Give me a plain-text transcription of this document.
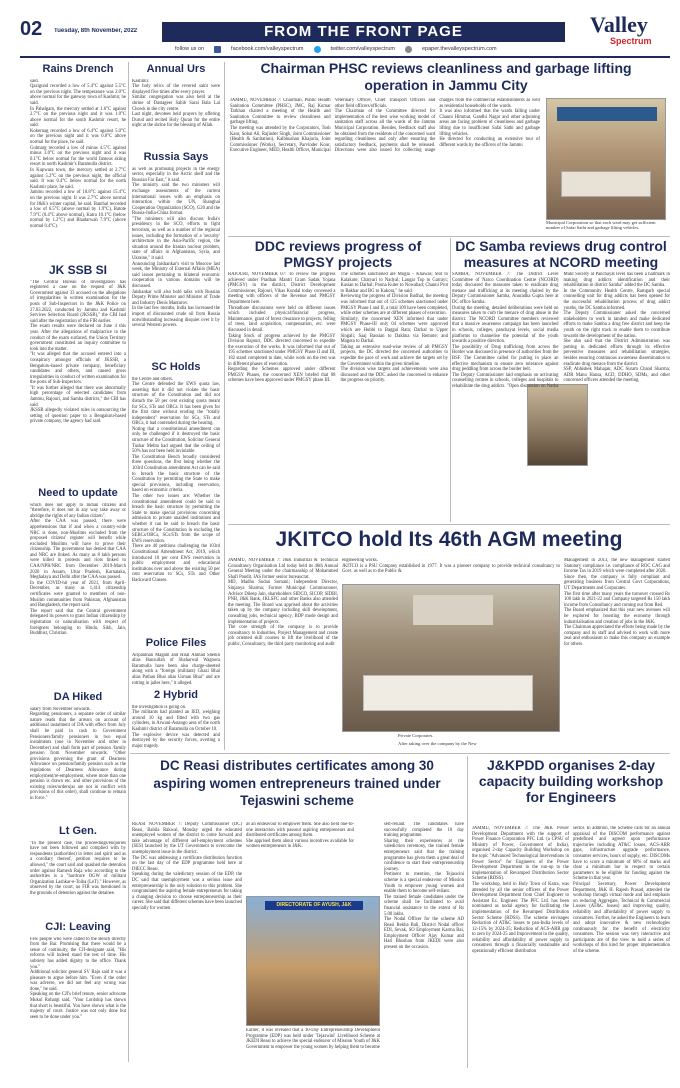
02 Tuesday, 8th November, 2022	FROM THE FRONT PAGE
follow us on	facebook.com/valleyspectrum	twitter.com/valleyspectrum	epaper.thevalleyspectrum.com
Valley
Spectrum
Rains Drench
said.
Qazigund recorded a low of 5.4°C against 5.5°C on the previous night. The temperature was 2.0°C above normal for the gateway town of Kashmir, he said.
In Pahalgam, the mercury settled at 1.6°C against 2.7°C on the previous night and it was 1.0°C above normal for the south Kashmir resort, he said.
Kokernag recorded a low of 6.4°C against 5.0°C on the previous night and it was 0.8°C above normal for the place, he said.
Gulmarg recorded a low of minus 4.5°C against minus 3.0°C on the previous night and it was 0.1°C below normal for the world famous skiing resort in north Kashmir's Baramulla district.
In Kupwara town, the mercury settled at 2.7°C against 5.2°C on the previous night, the official said. It was 0.4°C below normal for the north Kashmir place, he said.
Jammu recorded a low of 18.8°C against 15.4°C on the previous night. It was 2.7°C above normal for J&K's winter capital, he said. Banihal recorded a low of 6.5°C (above normal by 1.9°C), Batote 7.9°C (0.4°C above normal), Katra 10.1°C (below normal by 1.2°C) and Bhadarwah 7.9°C (above normal 0.4°C).
JK SSB SI
"The Central Bureau of Investigation has registered a case on the request of J&K Government against 33 accused on the allegations of irregularities in written examination for the posts of Sub-Inspectors in the J&K Police on 27.03.2022, conducted by Jammu and Kashmir Services Selection Board (JKSSB)," the CBI had said after the registration of the FIR earlier.
The exam results were declared on June 4 this year. After the allegations of malpractice in the conduct of the exam surfaced, the Union Territory government constituted an inquiry committee to look into the matter.
"It was alleged that the accused entered into a conspiracy amongst officials of JKSSB, a Bengaluru-based private company, beneficiary candidates and others, and caused gross irregularities in conduct of written examination for the posts of Sub-Inspectors.
"It was further alleged that there was abnormally high percentage of selected candidates from Jammu, Rajouri, and Samba districts," the CBI has said.
JKSSB allegedly violated rules in outsourcing the setting of question paper to a Bengaluru-based private company, the agency had said.
Need to update
which does not apply to Indian citizens and "therefore, it does not in any way take away or abridge the rights of any Indian citizen".
After the CAA was passed, there were apprehensions that if and when a country-wide NRC is done, non-Muslims excluded from the proposed citizens' register will benefit while excluded Muslims will have to prove their citizenship. The government has denied that CAA and NRC are linked. As many as 8 lakh persons were killed in protests and riots linked to CAA/NPR/NRC from December 2019-March 2020 in Assam, Uttar Pradesh, Karnataka, Meghalaya and Delhi after the CAA was passed.
In the COVID-hit year of 2021, from April-December, as many as 1,414 citizenship certificates were granted to members of non-Muslim communities from Pakistan, Afghanistan and Bangladesh, the report said.
The report said that the Central government delegated its powers to grant Indian citizenship by registration or naturalisation with respect of foreigners belonging to Hindu, Sikh, Jain, Buddhist, Christian.
DA Hiked
salary from November onwards.
Regarding pensioners, a separate order of similar nature reads that the arrears on account of additional instalment of DA with effect from July shall be paid in cash to Government Pensioners/family pensioners in two equal instalments (one in November and other in December) and shall form part of pension /family pension from November onwards. "Other provisions governing the grant of Dearness Allowance on pension/family pension such as the regulations of Dearness Allowance during employment/re-employment, where more than one pension is drawn etc. and other provisions of the existing rules/orders(as are not in conflict with provisions of this order), shall continue to remain in force."
Lt Gen.
"In the present case, the proceedings/enquiries have not been followed and complied with by respondents (authorities) in letter and spirit and as a corollary thereof, petition requires to be allowed," the court said and quashed the detention order against Ramesh Raja who according to the authorities is a "hardcore OGW of militant Organization Lashkar-e-Toiba (LeT)." However, as observed by the court, no FIR was mentioned in the grounds of detention against the detainee.
CJI: Leaving
Few people who were called to the Bench directly from the Bar. Promising that there would be a sense of continuity, the CJI-designate said, "His reforms will indeed stand the test of time. His sobriety has added dignity to the office. Thank you."
Additional solicitor general SV Raju said it was a pleasure to argue before him. "Even if the order was adverse, we did not feel any wrong was done," he said.
Speaking on the CJI's brief tenure, senior advocate Mukul Rohatgi said, "Your Lordship has shown that short is beautiful. You have shown what is the majesty of court. Justice was not only done but seen to be done under you."
Annual Urs
Kashmir.
The holy relics of the revered saint were displayed five times after every prayer.
Similar congregation was also held at the shrine of Dastageer Sahib Sarai Bala Lal Chowk in the city centre.
Last night, devotees held prayers by offering Durud and recited Holy Quran for the entire night at the shrine for the blessing of Allah.
Russia Says
as well as promising projects in the energy sector, especially in the Arctic shelf and the Russian Far East," it said.
The ministry said the two ministers will exchange assessments of the current international issues with an emphasis on interaction within the UN, Shanghai Cooperation Organization (SCO), G20 and the Russia-India-China format.
"The ministers will also discuss India's presidency in the SCO, efforts to fight terrorism, as well as a number of the regional issues, including the formation of a 'security' architecture in the Asia-Pacific region, the situation around the Iranian nuclear problem, state of affairs in Afghanistan, Syria, and Ukraine," it said.
Announcing Jaishankar's visit to Moscow last week, the Ministry of External Affairs (MEA) said issues pertaining to bilateral economic cooperation in various domains will be discussed.
Jaishankar will also hold talks with Russian Deputy Prime Minister and Minister of Trade and Industry Denis Manturov.
In the last few months, India has increased the import of discounted crude oil from Russia notwithstanding increasing disquiet over it by several Western powers.
SC Holds
the Centre and others.
The Centre defended the EWS quota law, asserting that it did not violate the basic structure of the Constitution and did not disturb the 50 per cent existing quota meant for SCs, STs and OBCs. It has been given for the first time without eroding the "totally independent" reservation for SCs, STs and OBCs, it had contended during the hearing.
Noting that a constitutional amendment can only be challenged if it destroyed the basic structure of the Constitution, Solicitor General Tushar Mehta had argued that the ceiling of 50% has not been held inviolable.
The Constitution Bench broadly considered three questions, the first being whether the 103rd Constitution amendment Act can be said to breach the basic structure of the Constitution by permitting the State to make special provisions, including reservation, based on economic criteria.
The other two issues are: Whether the constitutional amendment could be said to breach the basic structure by permitting the State to make special provisions concerning admission to private unaided institutions and whether it can be said to breach the basic structure of the Constitution in excluding the SEBCs/OBCs, SCs/STs from the scope of EWS reservation.
There are 40 petitions challenging the 103rd Constitutional Amendment Act, 2019, which introduced 10 per cent EWS reservation in public employment and educational institutions over and above the existing 50 per cent reservation to SCs, STs and Other Backward Classes.
Police Files
Aripanthan Magam and Hilal Ahmad Sheikh alias Hanzullah of Shaharwal Wagoora Baramulla have been also charge-sheeted along with a "foreign (militant) Ghazi Bhai alias Pathan Bhai alias Usman Bhai" and are rotting in jailes here," it alleged.
2 Hybrid
the investigation is going on.
The militants had planted an IED, weighing around 10 kg and fitted with two gas cylinders, in Arwani-Astango area of the north Kashmir district of Baramulla on October 10.
The explosive device was detected and destroyed by the security forces, averting a major tragedy.
Chairman PHSC reviews cleanliness and garbage lifting operation in Jammu City
JAMMU, NOVEMBER 7: Chairman, Public Health Sanitation Committee (PHSC), JMC, Raj Kumar Tarkhan chaired a meeting of the Health and Sanitation Committee to review cleanliness and garbage lifting.
The meeting was attended by the Corporators, Tosh Kaur, Sobat Ali, Rajinder Singh, Joint Commissioner (Health & Sanitation), Kalbhushan Khajuria, Joint Commissioner (Works), Secretary, Parvinder Kour, Executive Engineer, MED, Health Officer, Municipal Veterinary Officer, Chief Transport Officers and other field officers/officials.
The Chairman of the Committee directed for implementation of the best wise working model of sanitation staff across all the wards of the Jammu Municipal Corporation. Besides, feedback staff also be obtained from the residents of the concerned ward regarding cleanliness and only after ensuring the satisfactory feedback, payments shall be released. Directions were also issued for collecting usage charges from the commercial establishments as well as residential households of the wards.
It was also informed that the wards falling under Channi Himmat, Gandhi Nagar and other adjoining areas are facing problem of cleanliness and garbage lifting due to insufficient Safai Sathi and garbage lifting vehicles.
He directed for conducting an extensive tour of different wards by the officers of the Jammu
Municipal Corporation so that each ward may get sufficient number of Safai Sathi and garbage lifting vehicles.
DDC reviews progress of PMGSY projects
RAJOURI, NOVEMBER 07: To review the progress achieved under Pradhan Mantri Gram Sadak Yojana (PMGSY) in the district, District Development Commissioner, Rajouri, Vikas Kundal today convened a meeting with officers of the Revenue and PMGSY Department here.
Threadbare discussions were held on different issues which included physical/financial progress, Maintenance, grant of forest clearance to projects, felling of trees, land acquisition, compensation, etc. were discussed in detail.
Taking Stock of progress achieved by the PMGSY Division Rajouri, DDC directed concerned to expedite the execution of the works. It was informed that out of 195 schemes sanctioned under PMGSY Phase II and III, 182 stand completed to date, while work on the rest was in different phases of execution.
Regarding the Schemes approved under different PMGSY Phases, the concerned XEN briefed that 08 schemes have been approved under PMGSY phase III.
The schemes sanctioned are Mogla – Khawas; Stot to Kalakote; Chatyari to Nadyal; Langar Top to Garrayi; Kasian to Darhal; Poona Kuter to Nowabad; Channi Prut to Bakhar and BG to Kakora," he said.
Reviewing the progress of Division Budhal, the meeting was informed that out of 125 schemes sanctioned under PMGSY Phase I and II, a total 109 have been completed, while other schemes are at different phases of execution.
Similarly, the concerned XEN informed that under PMGSY Phase-III only 04 schemes were approved which are Hubbi to Baggal Rata; Darhal to Upper Singali; Saaj Bassian to Dakhna via Remote; and Magota to Darhal.
Taking an extensive road-wise review of all PMGSY projects, the DC directed the concerned authorities to expedite the pace of work and achieve the targets set by the Government within the given timeline.
The division wise targets and achievements were also discussed and the DDC asked the concerned to enhance the progress on priority.
DC Samba reviews drug control measures at NCORD meeting
SAMBA, NOVEMBER 7: The District Level Committee of Narco Coordination Centre (NCORD) today discussed the measures taken to eradicate drug menace and trafficking at its meeting chaired by the Deputy Commissioner Samba, Anuradha Gupta here at DC office Samba.
During the meeting, detailed deliberations were held on measures taken to curb the menace of drug abuse in the district. The NCORD Committee members reviewed that a massive awareness campaign has been launched in schools, colleges, panchayat levels, social media platforms to channelise the potential of the youth towards a positive direction.
The possibility of Drug trafficking from across the Border was discussed in presence of authorities from the BSF. The Committee called for putting in place an effective mechanism to ensure zero tolerance against drug peddling from across the border belt.
The Deputy Commissioner laid emphasis on activating counselling centres in schools, colleges and hospitals to rehabilitate the drug addicts. "Open discussion on Nasha Mukt Society at Panchayat level has been a hallmark in making drug addicts identification and their rehabilitation in district Samba" added the DC Samba.
In the Community Health Centre, Ramgarh special counselling unit for drug addicts has been opened for the successful rehabilitation process of drug addict youths, the DC Samba informed.
The Deputy Commissioner asked the concerned stakeholders to work in tandem and make dedicated efforts to make Samba a drug free district and keep the youth on the right track to enable them to contribute towards the development of the nation.
She also said that the District Administration was putting in dedicated efforts through its effective preventive measures and rehabilitation strategies, besides ensuring continuous awareness dissemination to eradicate drug menace from the district.
SSP, Abhishek Mahajan; ADC Suram Chand Sharma; ADR Manu Hansa, ACD, DDHO, SDMs, and other concerned officers attended the meeting.
JKITCO hold Its 46th AGM meeting
JAMMU, NOVEMBER 7: J&K Industrial & Technical Consultancy Organisation Ltd today held its 46th Annual General Meeting under the chairmanship of Mohammed Shafi Pandit, IAS former senior bureaucrat.
MD, Madhu Sudan Somani; Independent Director, Sinjanya Sharma; Former Municipal Commissioner, Advisor Dileep Jain, shareholders SIDCO, SICOP, SIDBI, PNB, J&K Bank, JKLSFC and other Banks also attended the meeting. The Board was apprised about the activities taken up by the company including skill development, consulting jobs, technical agency, BDP mode design and implementation of projects.
The core strength of the company is to provide consultancy to industries, Project Management and create job oriented skill courses to lift the livelihood of the public, Consultancy, the third party monitoring and audit
engineering works.
JKITCO is a PSU Company established in 1977. It was a pioneer company to provide technical consultancy to Govt. as well as to the Public &
Private Corporates.
After taking over the company by the New
Management in 2013, the new management started Statutory compliance i.e. compliance of ROC CAG and Income Tax in 2019 which were completed after 2020.
Since then, the company is fully compliant and generating business from Central Govt Corporations, UT Departments and Corporates.
The first time after many years the turnover crossed Rs 100 lakh in 2021-22 and Company targeted Rs 150 lakh income from Consultancy and coming out from Red.
The Board emphasized that this year new avenues will be explored for boosting the economy through industrialisation and creation of jobs in the J&K.
The Chairman appreciated the efforts being made by the company and its staff and advised to work with more zeal and enthusiasm to make this company an example for others.
DC Reasi distributes certificates among 30 aspiring women entrepreneurs trained under Tejaswini scheme
REASI NOVEMBER 7: Deputy Commissioner (DC) Reasi, Babila Rakwal, Monday urged the educated unemployed women of the district to come forward and take advantage of different self-employment schemes (SES) launched by the UT Government to overcome the unemployment issue in the district.
The DC was addressing a certificate distribution function on the last day of the EDP programme held here at DIECC Reasi.
Speaking during the valedictory session of the EDP, the DC said that unemployment was a serious issue and entrepreneurship is the only solution to this problem. She congratulated the aspiring female entrepreneurs for taking a changing decision to choose entrepreneurship as their career. She said that different schemes have been launched specially for women
as an endeavour to empower them. She also held one-to-one interaction with passout aspiring entrepreneurs and distributed certificates among them.
She apprised them about various incentives available for women entrepreneurs in J&K.
DIRECTORATE OF AYUSH, J&K
Earlier, it was revealed that a 10-Day Entrepreneurship Development Programme (EDP) was held under 'Tejaswini' Livelihood Scheme at JKEDI Reasi to achieve the special endeavor of Mission Youth of J&K Government to empower the young women by helping them to become
self-reliant. The candidates have successfully completed the 10 day training programme.
Sharing their experiences at the valediction ceremony, the trained female entrepreneurs said that the training programme has given them a great deal of confidence to start their entrepreneurship journey.
Pertinent to mention, the Tejaswini scheme is a special endeavour of Mission Youth to empower young women and enable them to become self-reliant.
The trained female candidates under the scheme shall be facilitated to avail financial assistance to the extent of Rs 5.00 lakhs.
The Nodal Officer for the scheme AD Reasi Rekha Bali, District Nodal officer EDI, Sevak, SO Employment Karma Bai, Employment Officer Ajay Kumar and Hari Bhushan from JKEDI were also present on the occasion.
J&KPDD organises 2-day capacity building workshop for Engineers
JAMMU, NOVEMBER 7: The J&K Power Development Department with the support of Power Finance Corporation PFC Ltd. (a CPSU of Ministry of Power, Government of India), organised 2-day Capacity Building Workshop on the topic "Advanced Technological Interventions in Power Sector" for Engineers of the Power Development Department in the run-up to the implementation of Revamped Distribution Sector Scheme (RDSS).
The workshop, held in Holy Town of Katra, was attended by all the senior officers of the Power Development Department from Chief Engineer to Assistant Ex. Engineer. The PFC Ltd. has been nominated as nodal agency for facilitating the implementation of the Revamped Distribution Sector Scheme (RDSS). The scheme envisages Reduction of AT&C losses to pan-India levels of 12-15% by 2024-25; Reduction of ACS-ARR gap to zero by 2024-25 and Improvement in the quality, reliability and affordability of power supply to consumers through a financially sustainable and operationally efficient distribution
sector. In addition, the Scheme calls for an annual appraisal of the DISCOM performance against predefined and agreed upon performance trajectories including AT&C losses, ACS-ARR gaps, infrastructure upgrade performance, consumer services, hours of supply, etc. DISCOMs have to score a minimum of 60% of marks and clear a minimum bar in respect to certain parameters to be eligible for funding against the Scheme in that year.
Principal Secretary, Power Development Department, J&K H. Rajesh Prasad, attended the workshop through virtual mode and laid emphasis on reducing Aggregate, Technical & Commercial Losses (AT&C losses) and improving quality, reliability and affordability of power supply to consumers. Further, he asked the Engineers to learn and adopt innovative & new technologies continuously for the benefit of electricity consumers. The session was very interactive and participants are of the view to hold a series of workshops of this kind for proper implementation of the scheme.
